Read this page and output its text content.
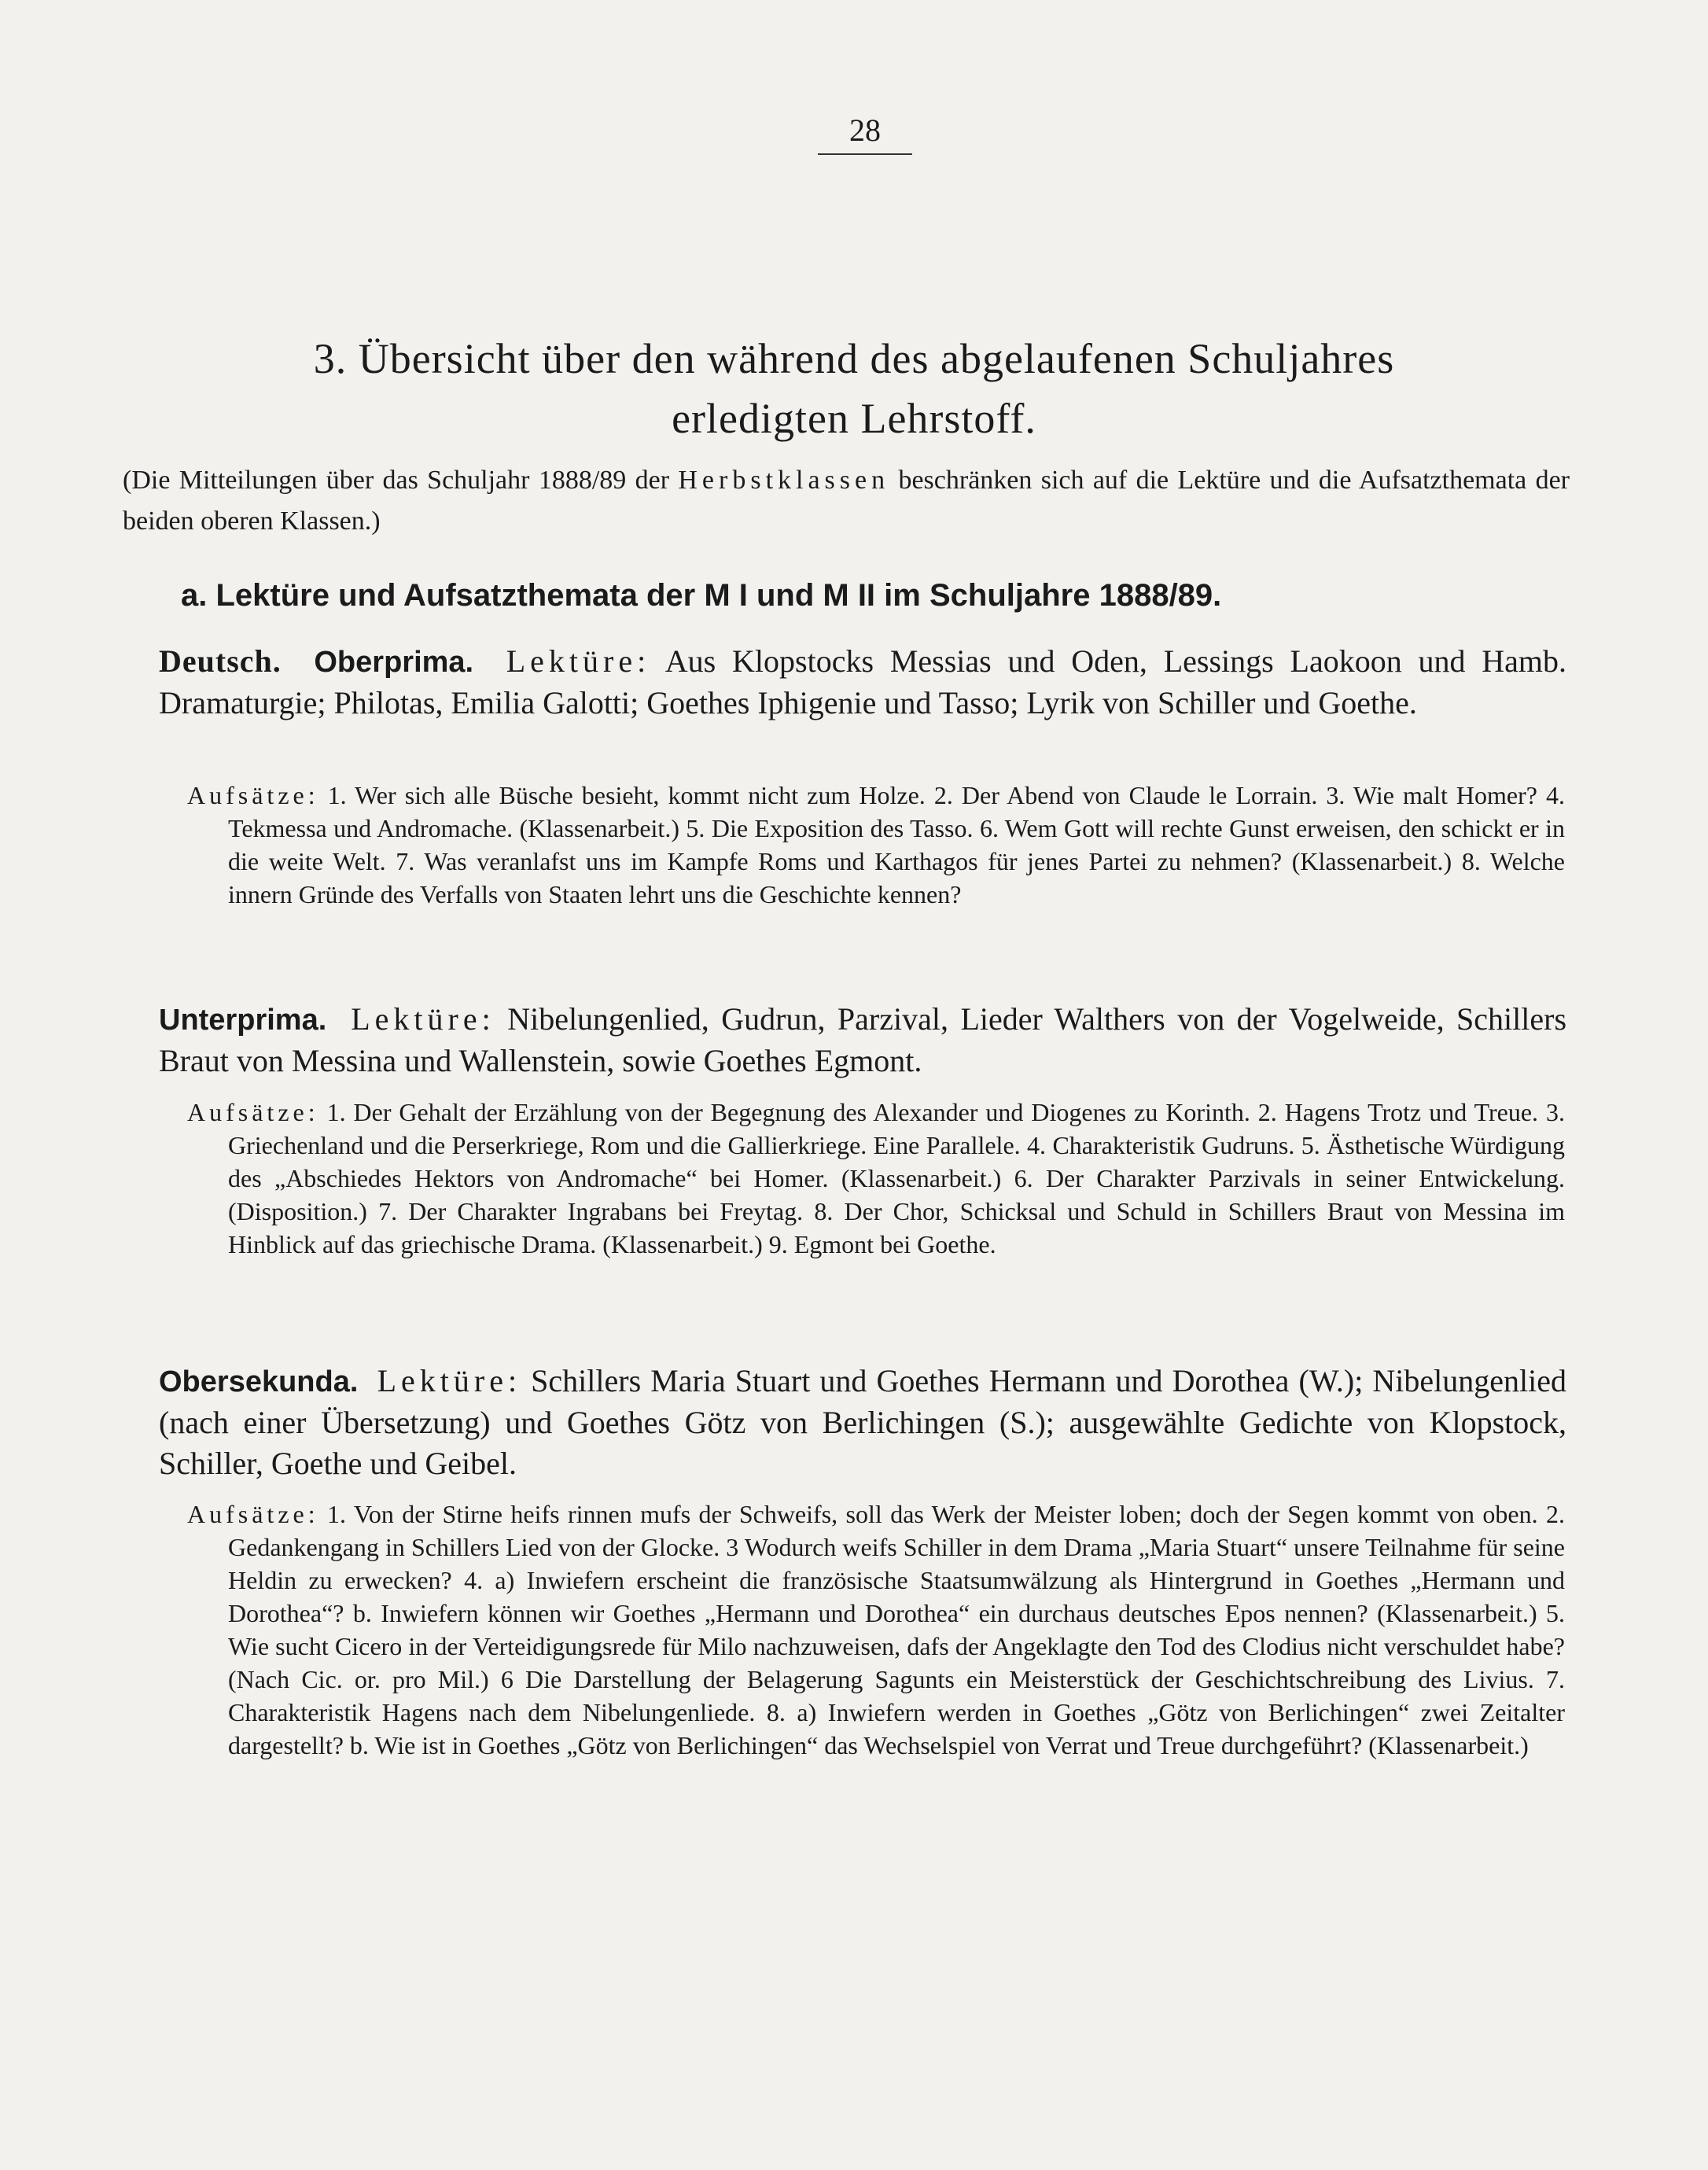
28
3. Übersicht über den während des abgelaufenen Schuljahres
erledigten Lehrstoff.
(Die Mitteilungen über das Schuljahr 1888/89 der Herbstklassen beschränken sich auf die Lektüre und die Aufsatzthemata der beiden oberen Klassen.)
a. Lektüre und Aufsatzthemata der M I und M II im Schuljahre 1888/89.
Deutsch. Oberprima. Lektüre: Aus Klopstocks Messias und Oden, Lessings Laokoon und Hamb. Dramaturgie; Philotas, Emilia Galotti; Goethes Iphigenie und Tasso; Lyrik von Schiller und Goethe.
Aufsätze: 1. Wer sich alle Büsche besieht, kommt nicht zum Holze. 2. Der Abend von Claude le Lorrain. 3. Wie malt Homer? 4. Tekmessa und Andromache. (Klassenarbeit.) 5. Die Exposition des Tasso. 6. Wem Gott will rechte Gunst erweisen, den schickt er in die weite Welt. 7. Was veranlafst uns im Kampfe Roms und Karthagos für jenes Partei zu nehmen? (Klassenarbeit.) 8. Welche innern Gründe des Verfalls von Staaten lehrt uns die Geschichte kennen?
Unterprima. Lektüre: Nibelungenlied, Gudrun, Parzival, Lieder Walthers von der Vogelweide, Schillers Braut von Messina und Wallenstein, sowie Goethes Egmont.
Aufsätze: 1. Der Gehalt der Erzählung von der Begegnung des Alexander und Diogenes zu Korinth. 2. Hagens Trotz und Treue. 3. Griechenland und die Perserkriege, Rom und die Gallierkriege. Eine Parallele. 4. Charakteristik Gudruns. 5. Ästhetische Würdigung des „Abschiedes Hektors von Andromache“ bei Homer. (Klassenarbeit.) 6. Der Charakter Parzivals in seiner Entwickelung. (Disposition.) 7. Der Charakter Ingrabans bei Freytag. 8. Der Chor, Schicksal und Schuld in Schillers Braut von Messina im Hinblick auf das griechische Drama. (Klassenarbeit.) 9. Egmont bei Goethe.
Obersekunda. Lektüre: Schillers Maria Stuart und Goethes Hermann und Dorothea (W.); Nibelungenlied (nach einer Übersetzung) und Goethes Götz von Berlichingen (S.); ausgewählte Gedichte von Klopstock, Schiller, Goethe und Geibel.
Aufsätze: 1. Von der Stirne heifs rinnen mufs der Schweifs, soll das Werk der Meister loben; doch der Segen kommt von oben. 2. Gedankengang in Schillers Lied von der Glocke. 3 Wodurch weifs Schiller in dem Drama „Maria Stuart“ unsere Teilnahme für seine Heldin zu erwecken? 4. a) Inwiefern erscheint die französische Staatsumwälzung als Hintergrund in Goethes „Hermann und Dorothea“? b. Inwiefern können wir Goethes „Hermann und Dorothea“ ein durchaus deutsches Epos nennen? (Klassenarbeit.) 5. Wie sucht Cicero in der Verteidigungsrede für Milo nachzuweisen, dafs der Angeklagte den Tod des Clodius nicht verschuldet habe? (Nach Cic. or. pro Mil.) 6 Die Darstellung der Belagerung Sagunts ein Meisterstück der Geschichtschreibung des Livius. 7. Charakteristik Hagens nach dem Nibelungenliede. 8. a) Inwiefern werden in Goethes „Götz von Berlichingen“ zwei Zeitalter dargestellt? b. Wie ist in Goethes „Götz von Berlichingen“ das Wechselspiel von Verrat und Treue durchgeführt? (Klassenarbeit.)
